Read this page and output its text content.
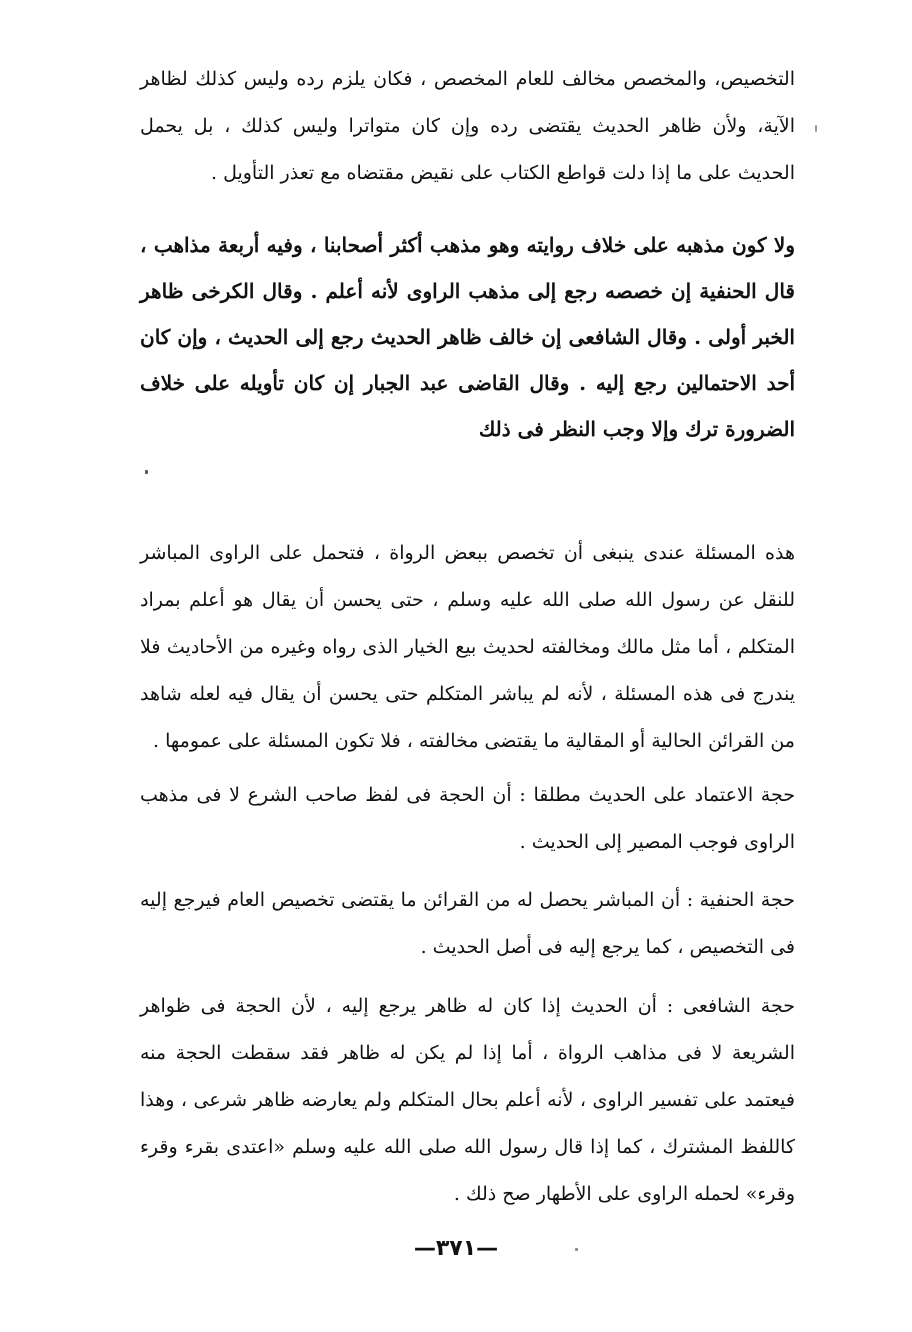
التخصيص، والمخصص مخالف للعام المخصص ، فكان يلزم رده وليس كذلك لظاهر الآية، ولأن ظاهر الحديث يقتضى رده وإن كان متواترا وليس كذلك ، بل يحمل الحديث على ما إذا دلت قواطع الكتاب على نقيض مقتضاه مع تعذر التأويل .

ولا كون مذهبه على خلاف روايته وهو مذهب أكثر أصحابنا ، وفيه أربعة مذاهب ، قال الحنفية إن خصصه رجع إلى مذهب الراوى لأنه أعلم . وقال الكرخى ظاهر الخبر أولى . وقال الشافعى إن خالف ظاهر الحديث رجع إلى الحديث ، وإن كان أحد الاحتمالين رجع إليه . وقال القاضى عبد الجبار إن كان تأويله على خلاف الضرورة ترك وإلا وجب النظر فى ذلك

هذه المسئلة عندى ينبغى أن تخصص ببعض الرواة ، فتحمل على الراوى المباشر للنقل عن رسول الله صلى الله عليه وسلم ، حتى يحسن أن يقال هو أعلم بمراد المتكلم ، أما مثل مالك ومخالفته لحديث بيع الخيار الذى رواه وغيره من الأحاديث فلا يندرج فى هذه المسئلة ، لأنه لم يباشر المتكلم حتى يحسن أن يقال فيه لعله شاهد من القرائن الحالية أو المقالية ما يقتضى مخالفته ، فلا تكون المسئلة على عمومها .

حجة الاعتماد على الحديث مطلقا : أن الحجة فى لفظ صاحب الشرع لا فى مذهب الراوى فوجب المصير إلى الحديث .

حجة الحنفية : أن المباشر يحصل له من القرائن ما يقتضى تخصيص العام فيرجع إليه فى التخصيص ، كما يرجع إليه فى أصل الحديث .

حجة الشافعى : أن الحديث إذا كان له ظاهر يرجع إليه ، لأن الحجة فى ظواهر الشريعة لا فى مذاهب الرواة ، أما إذا لم يكن له ظاهر فقد سقطت الحجة منه فيعتمد على تفسير الراوى ، لأنه أعلم بحال المتكلم ولم يعارضه ظاهر شرعى ، وهذا كاللفظ المشترك ، كما إذا قال رسول الله صلى الله عليه وسلم «اعتدى بقرء وقرء وقرء» لحمله الراوى على الأطهار صح ذلك .

—٣٧١—
